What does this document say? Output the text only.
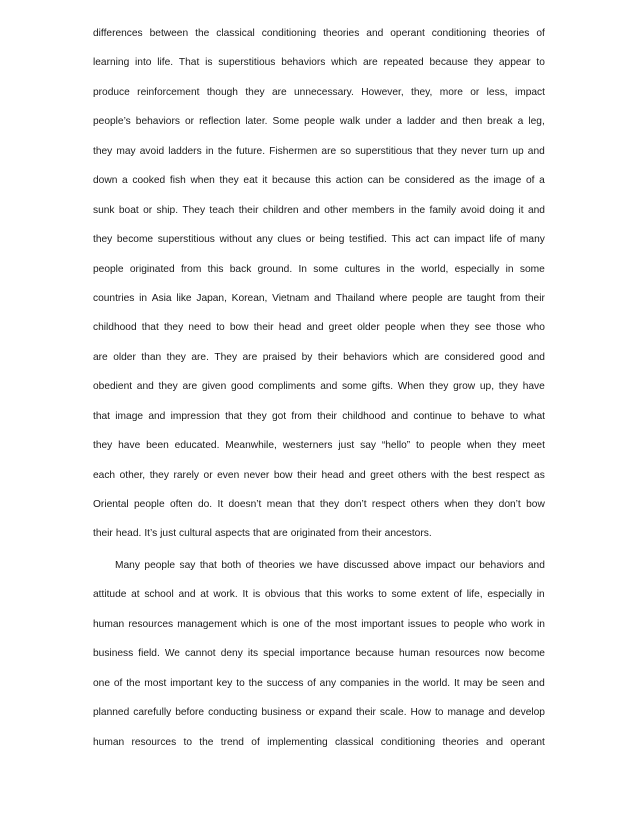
differences between the classical conditioning theories and operant conditioning theories of
learning into life. That is superstitious behaviors which are repeated because they appear to
produce reinforcement though they are unnecessary. However, they, more or less, impact
people’s behaviors or reflection later. Some people walk under a ladder and then break a leg,
they may avoid ladders in the future. Fishermen are so superstitious that they never turn up and
down a cooked fish when they eat it because this action can be considered as the image of a
sunk boat or ship. They teach their children and other members in the family avoid doing it and
they become superstitious without any clues or being testified. This act can impact life of many
people originated from this back ground. In some cultures in the world, especially in some
countries in Asia like Japan, Korean, Vietnam and Thailand where people are taught from their
childhood that they need to bow their head and greet older people when they see those who
are older than they are. They are praised by their behaviors which are considered good and
obedient and they are given good compliments and some gifts. When they grow up, they have
that image and impression that they got from their childhood and continue to behave to what
they have been educated. Meanwhile, westerners just say “hello” to people when they meet
each other, they rarely or even never bow their head and greet others with the best respect as
Oriental people often do. It doesn’t mean that they don’t respect others when they don’t bow
their head. It’s just cultural aspects that are originated from their ancestors.
Many people say that both of theories we have discussed above impact our behaviors and
attitude at school and at work. It is obvious that this works to some extent of life, especially in
human resources management which is one of the most important issues to people who work in
business field. We cannot deny its special importance because human resources now become
one of the most important key to the success of any companies in the world. It may be seen and
planned carefully before conducting business or expand their scale. How to manage and develop
human resources to the trend of implementing classical conditioning theories and operant
